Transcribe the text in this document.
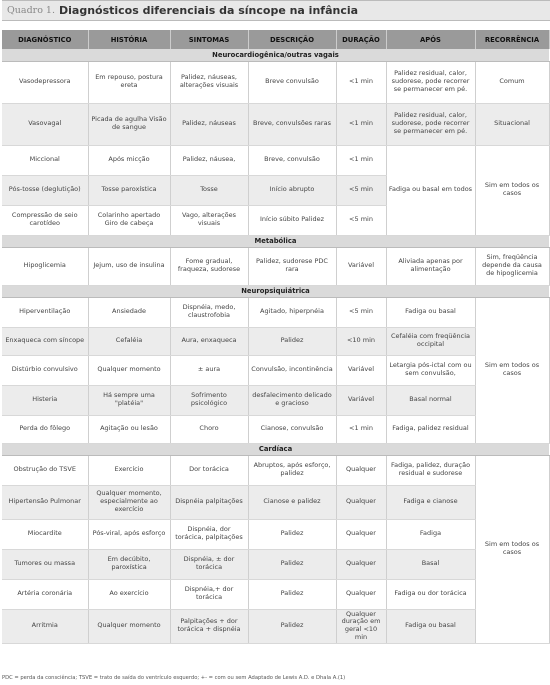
Quadro 1. Diagnósticos diferenciais da síncope na infância
DIAGNÓSTICO	HISTÓRIA	SINTOMAS	DESCRIÇÃO	DURAÇÃO	APÓS	RECORRÊNCIA
Neurocardiogênica/outras vagais						
Vasodepressora	Em repouso, postura ereta	Palidez, náuseas, alterações visuais	Breve convulsão	<1 min	Palidez residual, calor, sudorese, pode recorrer se permanecer em pé.	Comum
Vasovagal	Picada de agulha Visão de sangue	Palidez, náuseas	Breve, convulsões raras	<1 min	Palidez residual, calor, sudorese, pode recorrer se permanecer em pé.	Situacional
Miccional	Após micção	Palidez, náusea,	Breve, convulsão	<1 min	Fadiga ou basal em todos	Sim em todos os casos
Pós-tosse (deglutição)	Tosse paroxística	Tosse	Início abrupto	<5 min		
Compressão de seio carotídeo	Colarinho apertado Giro de cabeça	Vago, alterações visuais	Início súbito Palidez	<5 min		
Metabólica						
Hipoglicemia	Jejum, uso de insulina	Fome gradual, fraqueza, sudorese	Palidez, sudorese PDC rara	Variável	Aliviada apenas por alimentação	Sim, freqüência depende da causa de hipoglicemia
Neuropsiquiátrica						
Hiperventilação	Ansiedade	Dispnéia, medo, claustrofobia	Agitado, hiperpnéia	<5 min	Fadiga ou basal	Sim em todos os casos
Enxaqueca com síncope	Cefaléia	Aura, enxaqueca	Palidez	<10 min	Cefaléia com freqüência occipital	
Distúrbio convulsivo	Qualquer momento	± aura	Convulsão, incontinência	Variável	Letargia pós-ictal com ou sem convulsão,	
Histeria	Há sempre uma "platéia"	Sofrimento psicológico	desfalecimento delicado e gracioso	Variável	Basal normal	
Perda do fôlego	Agitação ou lesão	Choro	Cianose, convulsão	<1 min	Fadiga, palidez residual	
Cardíaca						
Obstrução do TSVE	Exercício	Dor torácica	Abruptos, após esforço, palidez	Qualquer	Fadiga, palidez, duração residual e sudorese	Sim em todos os casos
Hipertensão Pulmonar	Qualquer momento, especialmente ao exercício	Dispnéia palpitações	Cianose e palidez	Qualquer	Fadiga e cianose	
Miocardite	Pós-viral, após esforço	Dispnéia, dor torácica, palpitações	Palidez	Qualquer	Fadiga	
Tumores ou massa	Em decúbito, paroxística	Dispnéia, ± dor torácica	Palidez	Qualquer	Basal	
Artéria coronária	Ao exercício	Dispnéia,+ dor torácica	Palidez	Qualquer	Fadiga ou dor torácica	
Arritmia	Qualquer momento	Palpitações + dor torácica + dispnéia	Palidez	Qualquer duração em geral <10 min	Fadiga ou basal	
PDC = perda da consciência; TSVE = trato de saída do ventrículo esquerdo; +- = com ou sem Adaptado de Lewis A.D. e Dhala A.(1)
